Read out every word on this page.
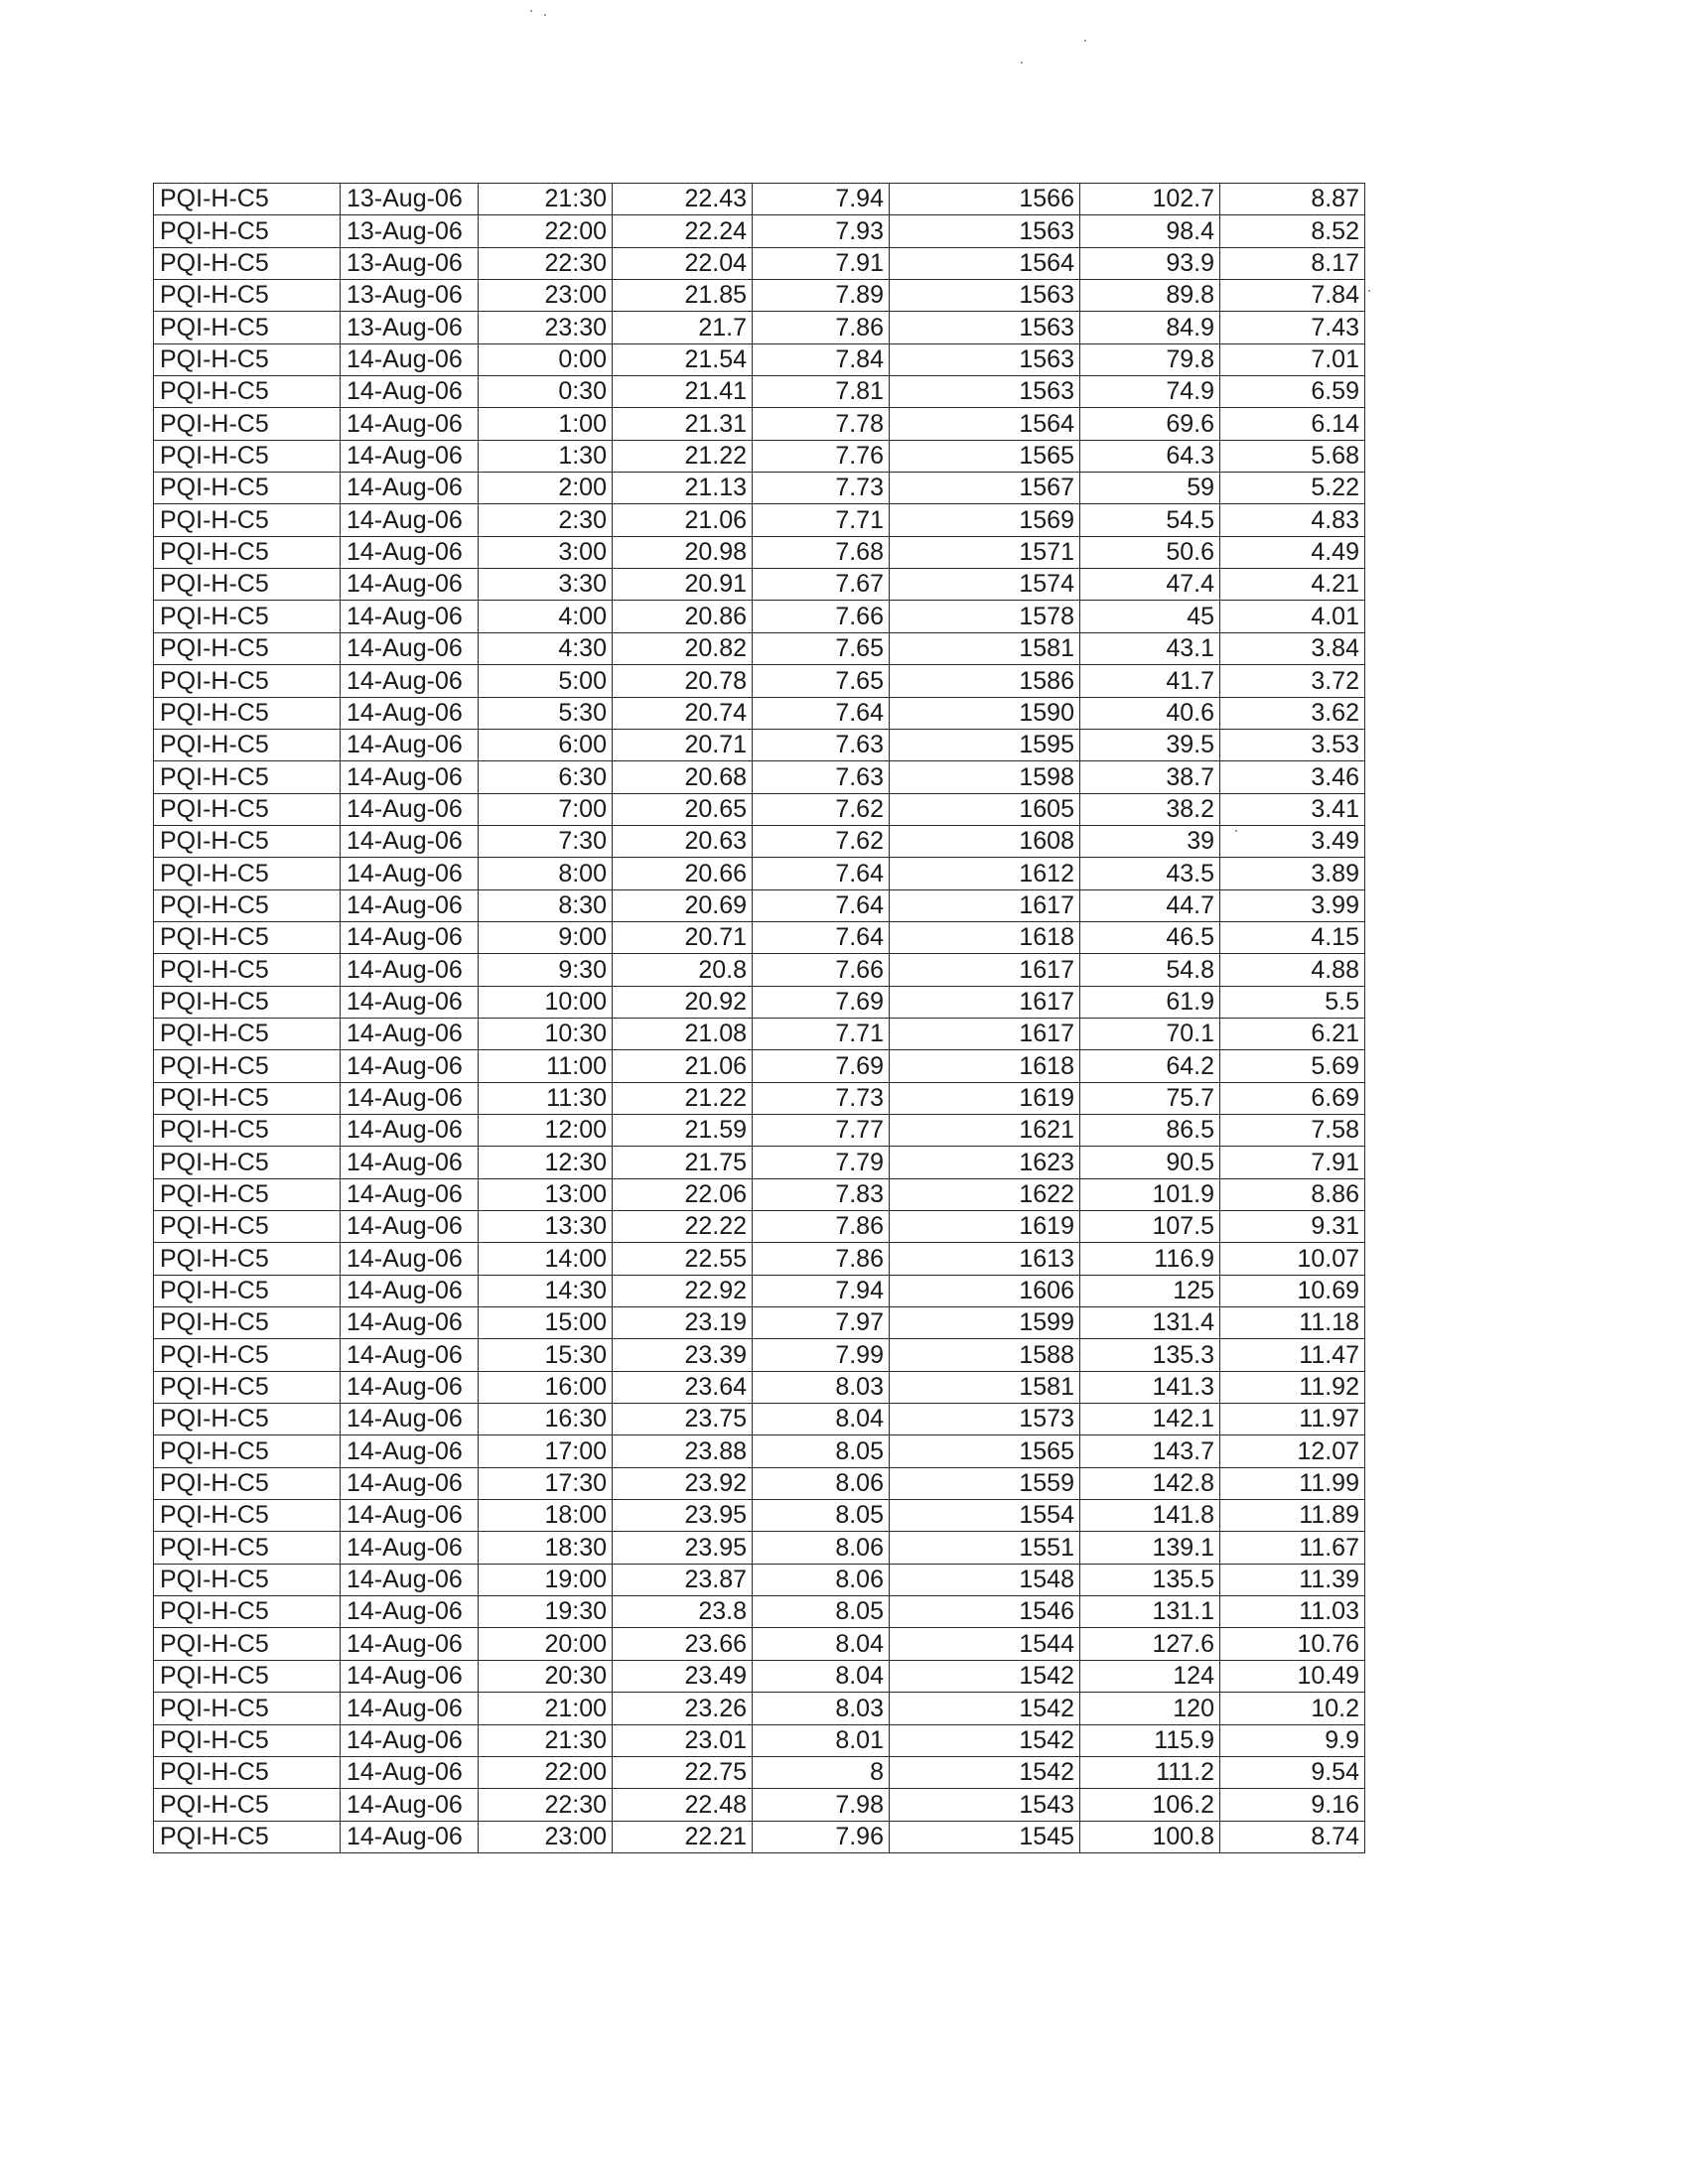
PQI-H-C5	13-Aug-06	21:30	22.43	7.94	1566	102.7	8.87
PQI-H-C5	13-Aug-06	22:00	22.24	7.93	1563	98.4	8.52
PQI-H-C5	13-Aug-06	22:30	22.04	7.91	1564	93.9	8.17
PQI-H-C5	13-Aug-06	23:00	21.85	7.89	1563	89.8	7.84
PQI-H-C5	13-Aug-06	23:30	21.7	7.86	1563	84.9	7.43
PQI-H-C5	14-Aug-06	0:00	21.54	7.84	1563	79.8	7.01
PQI-H-C5	14-Aug-06	0:30	21.41	7.81	1563	74.9	6.59
PQI-H-C5	14-Aug-06	1:00	21.31	7.78	1564	69.6	6.14
PQI-H-C5	14-Aug-06	1:30	21.22	7.76	1565	64.3	5.68
PQI-H-C5	14-Aug-06	2:00	21.13	7.73	1567	59	5.22
PQI-H-C5	14-Aug-06	2:30	21.06	7.71	1569	54.5	4.83
PQI-H-C5	14-Aug-06	3:00	20.98	7.68	1571	50.6	4.49
PQI-H-C5	14-Aug-06	3:30	20.91	7.67	1574	47.4	4.21
PQI-H-C5	14-Aug-06	4:00	20.86	7.66	1578	45	4.01
PQI-H-C5	14-Aug-06	4:30	20.82	7.65	1581	43.1	3.84
PQI-H-C5	14-Aug-06	5:00	20.78	7.65	1586	41.7	3.72
PQI-H-C5	14-Aug-06	5:30	20.74	7.64	1590	40.6	3.62
PQI-H-C5	14-Aug-06	6:00	20.71	7.63	1595	39.5	3.53
PQI-H-C5	14-Aug-06	6:30	20.68	7.63	1598	38.7	3.46
PQI-H-C5	14-Aug-06	7:00	20.65	7.62	1605	38.2	3.41
PQI-H-C5	14-Aug-06	7:30	20.63	7.62	1608	39	3.49
PQI-H-C5	14-Aug-06	8:00	20.66	7.64	1612	43.5	3.89
PQI-H-C5	14-Aug-06	8:30	20.69	7.64	1617	44.7	3.99
PQI-H-C5	14-Aug-06	9:00	20.71	7.64	1618	46.5	4.15
PQI-H-C5	14-Aug-06	9:30	20.8	7.66	1617	54.8	4.88
PQI-H-C5	14-Aug-06	10:00	20.92	7.69	1617	61.9	5.5
PQI-H-C5	14-Aug-06	10:30	21.08	7.71	1617	70.1	6.21
PQI-H-C5	14-Aug-06	11:00	21.06	7.69	1618	64.2	5.69
PQI-H-C5	14-Aug-06	11:30	21.22	7.73	1619	75.7	6.69
PQI-H-C5	14-Aug-06	12:00	21.59	7.77	1621	86.5	7.58
PQI-H-C5	14-Aug-06	12:30	21.75	7.79	1623	90.5	7.91
PQI-H-C5	14-Aug-06	13:00	22.06	7.83	1622	101.9	8.86
PQI-H-C5	14-Aug-06	13:30	22.22	7.86	1619	107.5	9.31
PQI-H-C5	14-Aug-06	14:00	22.55	7.86	1613	116.9	10.07
PQI-H-C5	14-Aug-06	14:30	22.92	7.94	1606	125	10.69
PQI-H-C5	14-Aug-06	15:00	23.19	7.97	1599	131.4	11.18
PQI-H-C5	14-Aug-06	15:30	23.39	7.99	1588	135.3	11.47
PQI-H-C5	14-Aug-06	16:00	23.64	8.03	1581	141.3	11.92
PQI-H-C5	14-Aug-06	16:30	23.75	8.04	1573	142.1	11.97
PQI-H-C5	14-Aug-06	17:00	23.88	8.05	1565	143.7	12.07
PQI-H-C5	14-Aug-06	17:30	23.92	8.06	1559	142.8	11.99
PQI-H-C5	14-Aug-06	18:00	23.95	8.05	1554	141.8	11.89
PQI-H-C5	14-Aug-06	18:30	23.95	8.06	1551	139.1	11.67
PQI-H-C5	14-Aug-06	19:00	23.87	8.06	1548	135.5	11.39
PQI-H-C5	14-Aug-06	19:30	23.8	8.05	1546	131.1	11.03
PQI-H-C5	14-Aug-06	20:00	23.66	8.04	1544	127.6	10.76
PQI-H-C5	14-Aug-06	20:30	23.49	8.04	1542	124	10.49
PQI-H-C5	14-Aug-06	21:00	23.26	8.03	1542	120	10.2
PQI-H-C5	14-Aug-06	21:30	23.01	8.01	1542	115.9	9.9
PQI-H-C5	14-Aug-06	22:00	22.75	8	1542	111.2	9.54
PQI-H-C5	14-Aug-06	22:30	22.48	7.98	1543	106.2	9.16
PQI-H-C5	14-Aug-06	23:00	22.21	7.96	1545	100.8	8.74
